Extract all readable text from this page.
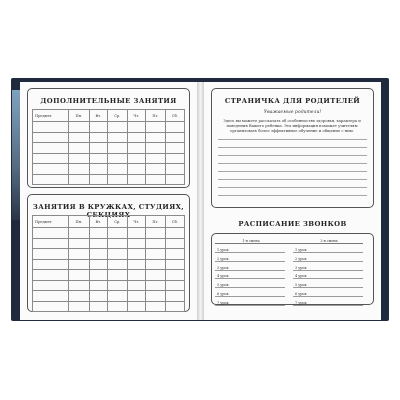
ДОПОЛНИТЕЛЬНЫЕ ЗАНЯТИЯ
Предмет	Пн.	Вт.	Ср.	Чт.	Пт.	Сб.

ЗАНЯТИЯ В КРУЖКАХ, СТУДИЯХ, СЕКЦИЯХ
Предмет	Пн.	Вт.	Ср.	Чт.	Пт.	Сб.

СТРАНИЧКА ДЛЯ РОДИТЕЛЕЙ
Уважаемые родители!
Здесь вы можете рассказать об особенностях здоровья, характера и поведения Вашего ребенка. Эта информация поможет учителям организовать более эффективное обучение и общение с ним.
РАСПИСАНИЕ ЗВОНКОВ
1-я смена			2-я смена	
1 урок			1 урок	
2 урок			2 урок	
3 урок			3 урок	
4 урок			4 урок	
5 урок			5 урок	
6 урок			6 урок	
7 урок			7 урок	
